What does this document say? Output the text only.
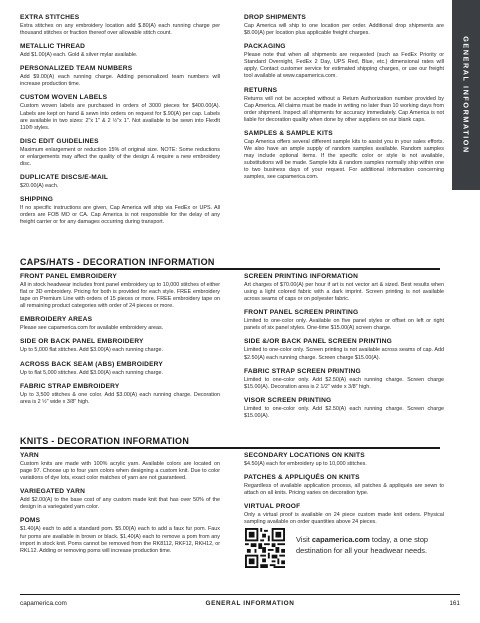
GENERAL INFORMATION
EXTRA STITCHES

Extra stitches on any embroidery location add $.80(A) each running charge per thousand stitches or fraction thereof over allowable stitch count.

METALLIC THREAD

Add $1.00(A) each. Gold & silver mylar available.

PERSONALIZED TEAM NUMBERS

Add $9.00(A) each running charge. Adding personalized team numbers will increase production time.

CUSTOM WOVEN LABELS

Custom woven labels are purchased in orders of 3000 pieces for $400.00(A). Labels are kept on hand & sewn into orders on request for $.90(A) per cap. Labels are available in two sizes: 2"x 1" & 2 ½"x 1". Not available to be sewn into Flexfit 110® styles.

DISC EDIT GUIDELINES

Maximum enlargement or reduction 15% of original size. NOTE: Some reductions or enlargements may affect the quality of the design & require a new embroidery disc.

DUPLICATE DISCS/E-MAIL

$20.00(A) each.

SHIPPING

If no specific instructions are given, Cap America will ship via FedEx or UPS. All orders are FOB MO or CA. Cap America is not responsible for the delay of any freight carrier or for any damages occurring during transport.

DROP SHIPMENTS

Cap America will ship to one location per order. Additional drop shipments are $8.00(A) per location plus applicable freight charges.

PACKAGING

Please note that when all shipments are requested (such as FedEx Priority or Standard Overnight, FedEx 2 Day, UPS Red, Blue, etc.) dimensional rates will apply. Contact customer service for estimated shipping charges, or use our freight tool available at www.capamerica.com.

RETURNS

Returns will not be accepted without a Return Authorization number provided by Cap America. All claims must be made in writing no later than 10 working days from order shipment. Inspect all shipments for accuracy immediately. Cap America is not liable for decoration quality when done by other suppliers on our blank caps.

SAMPLES & SAMPLE KITS

Cap America offers several different sample kits to assist you in your sales efforts. We also have an ample supply of random samples available. Random samples may include optional items. If the specific color or style is not available, substitutions will be made. Sample kits & random samples normally ship within one to two business days of your request. For additional information concerning samples, see capamerica.com.

CAPS/HATS - DECORATION INFORMATION
FRONT PANEL EMBROIDERY

All in stock headwear includes front panel embroidery up to 10,000 stitches of either flat or 3D embroidery. Pricing for both is provided for each style. FREE embroidery tape on Premium Line with orders of 15 pieces or more. FREE embroidery tape on all remaining product categories with order of 24 pieces or more.

EMBROIDERY AREAS

Please see capamerica.com for available embroidery areas.

SIDE OR BACK PANEL EMBROIDERY

Up to 5,000 flat stitches. Add $3.00(A) each running charge.

ACROSS BACK SEAM (ABS) EMBROIDERY

Up to flat 5,000 stitches. Add $3.00(A) each running charge.

FABRIC STRAP EMBROIDERY

Up to 3,500 stitches & one color. Add $3.00(A) each running charge. Decoration area is 2 ½" wide x 3/8" high.

SCREEN PRINTING INFORMATION

Art charges of $70.00(A) per hour if art is not vector art & sized. Best results when using a light colored fabric with a dark imprint. Screen printing is not available across seams of caps or on polyester fabric.

FRONT PANEL SCREEN PRINTING

Limited to one-color only. Available on five panel styles or offset on left or right panels of six panel styles. One-time $15.00(A) screen charge.

SIDE &/OR BACK PANEL SCREEN PRINTING

Limited to one-color only. Screen printing is not available across seams of cap. Add $2.50(A) each running charge. Screen charge $15.00(A).

FABRIC STRAP SCREEN PRINTING

Limited to one-color only. Add $2.50(A) each running charge. Screen charge $15.00(A). Decoration area is 2 1/2" wide x 3/8" high.

VISOR SCREEN PRINTING

Limited to one-color only. Add $2.50(A) each running charge. Screen charge $15.00(A).

KNITS - DECORATION INFORMATION
YARN

Custom knits are made with 100% acrylic yarn. Available colors are located on page 97. Choose up to four yarn colors when designing a custom knit. Due to color variations of dye lots, exact color matches of yarn are not guaranteed.

VARIEGATED YARN

Add $2.00(A) to the base cost of any custom made knit that has over 50% of the design in a variegated yarn color.

POMS

$1.40(A) each to add a standard pom. $5.00(A) each to add a faux fur pom. Faux fur poms are available in brown or black. $1.40(A) each to remove a pom from any import in stock knit. Poms cannot be removed from the RK8112, RKF12, RKH12, or RKL12. Adding or removing poms will increase production time.

SECONDARY LOCATIONS ON KNITS

$4.50(A) each for embroidery up to 10,000 stitches.

PATCHES & APPLIQUÉS ON KNITS

Regardless of available application process, all patches & appliqués are sewn to attach on all knits. Pricing varies on decoration type.

VIRTUAL PROOF

Only a virtual proof is available on 24 piece custom made knit orders. Physical sampling available on order quantities above 24 pieces.

Visit capamerica.com today, a one stop destination for all your headwear needs.
capamerica.com	GENERAL INFORMATION	161
